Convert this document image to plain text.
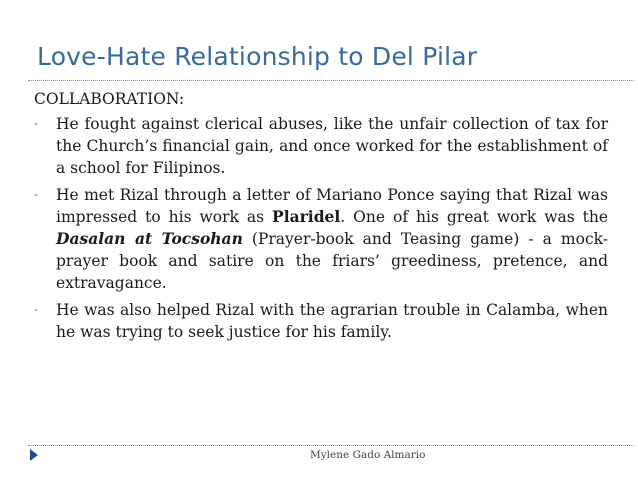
Love-Hate Relationship to Del Pilar
COLLABORATION:
- He fought against clerical abuses, like the unfair collection of tax for the Church’s financial gain, and once worked for the establishment of a school for Filipinos.
- He met Rizal through a letter of Mariano Ponce saying that Rizal was impressed to his work as Plaridel. One of his great work was the Dasalan at Tocsohan (Prayer-book and Teasing game) - a mock-prayer book and satire on the friars’ greediness, pretence, and extravagance.
- He was also helped Rizal with the agrarian trouble in Calamba, when he was trying to seek justice for his family.
Mylene Gado Almario
